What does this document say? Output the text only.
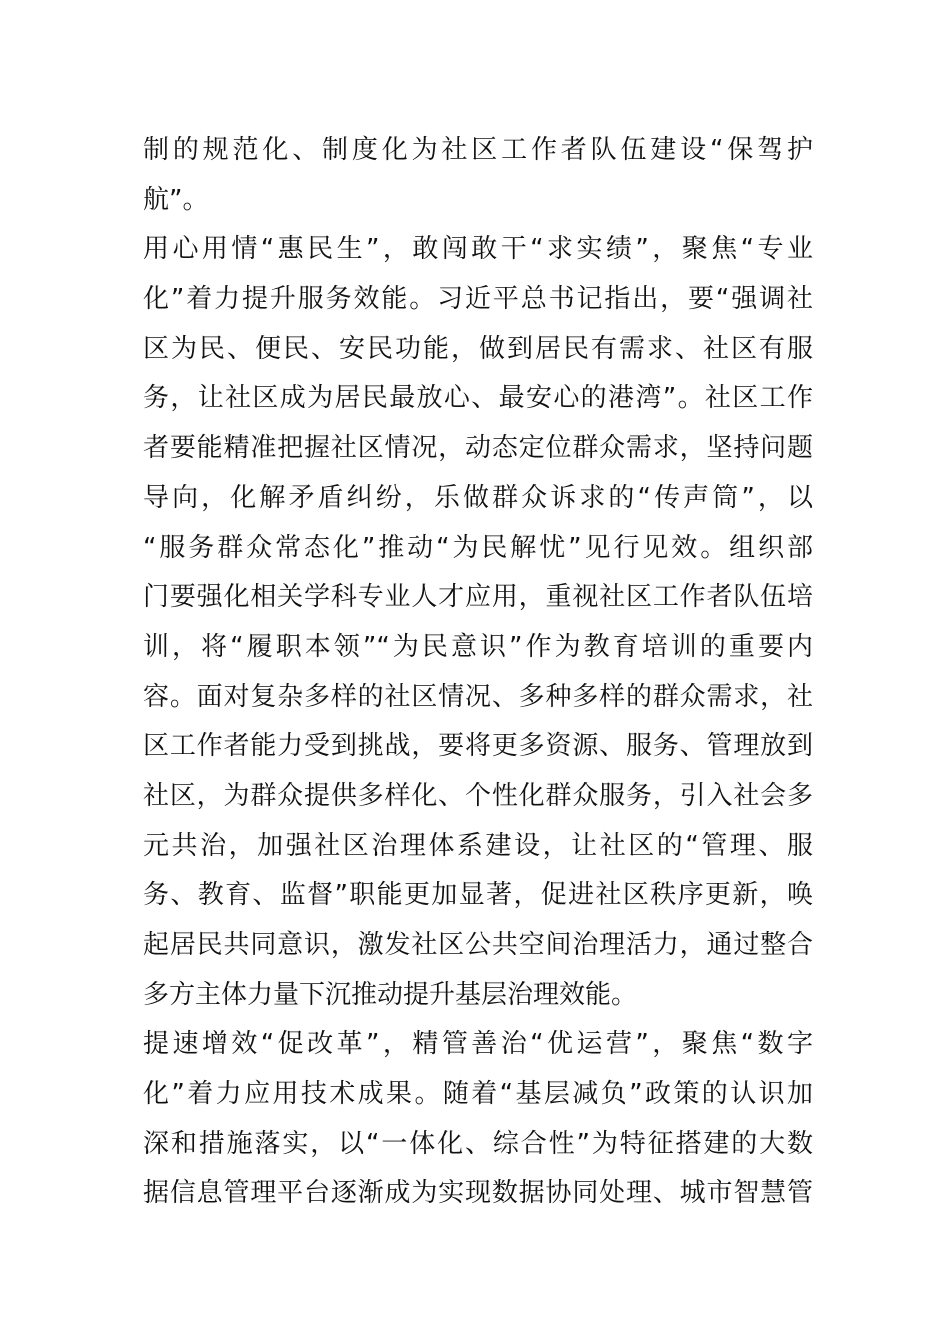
制的规范化、制度化为社区工作者队伍建设“保驾护
航”。
用心用情“惠民生”，敢闯敢干“求实绩”，聚焦“专业
化”着力提升服务效能。习近平总书记指出，要“强调社
区为民、便民、安民功能，做到居民有需求、社区有服
务，让社区成为居民最放心、最安心的港湾”。社区工作
者要能精准把握社区情况，动态定位群众需求，坚持问题
导向，化解矛盾纠纷，乐做群众诉求的“传声筒”，以
“服务群众常态化”推动“为民解忧”见行见效。组织部
门要强化相关学科专业人才应用，重视社区工作者队伍培
训，将“履职本领”“为民意识”作为教育培训的重要内
容。面对复杂多样的社区情况、多种多样的群众需求，社
区工作者能力受到挑战，要将更多资源、服务、管理放到
社区，为群众提供多样化、个性化群众服务，引入社会多
元共治，加强社区治理体系建设，让社区的“管理、服
务、教育、监督”职能更加显著，促进社区秩序更新，唤
起居民共同意识，激发社区公共空间治理活力，通过整合
多方主体力量下沉推动提升基层治理效能。
提速增效“促改革”，精管善治“优运营”，聚焦“数字
化”着力应用技术成果。随着“基层减负”政策的认识加
深和措施落实，以“一体化、综合性”为特征搭建的大数
据信息管理平台逐渐成为实现数据协同处理、城市智慧管
